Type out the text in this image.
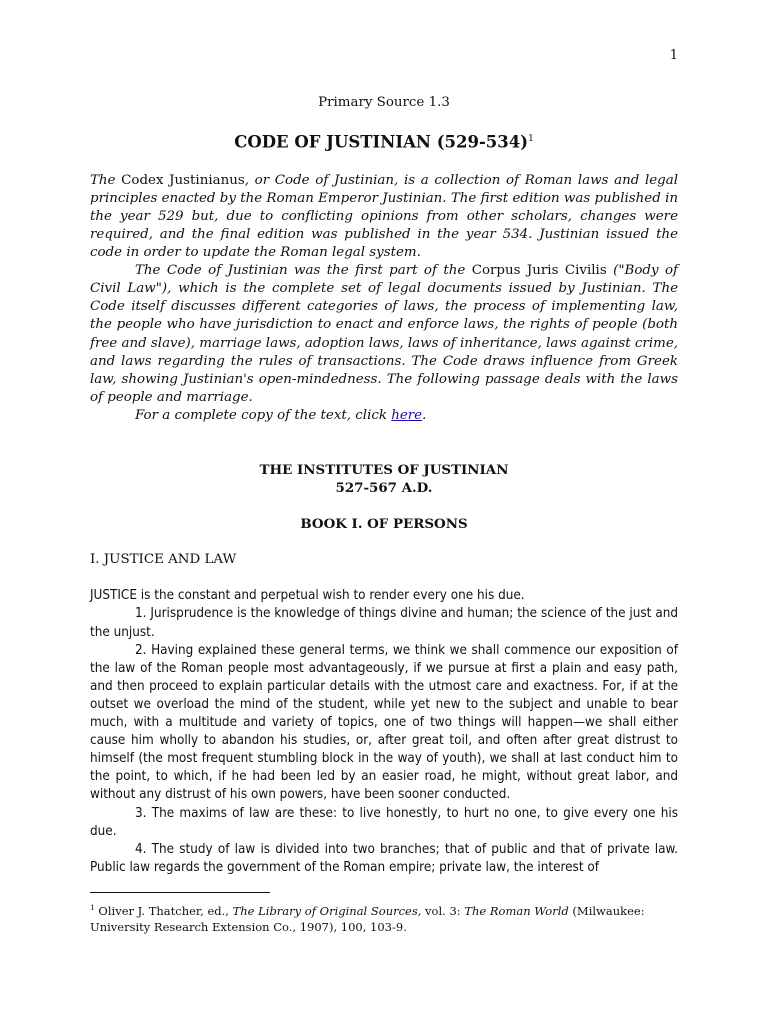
1

Primary Source 1.3

CODE OF JUSTINIAN $(529-534)^1$

The Codex Justinianus, or Code of Justinian, is a collection of Roman laws and legal principles enacted by the Roman Emperor Justinian. The first edition was published in the year 529 but, due to conflicting opinions from other scholars, changes were required, and the final edition was published in the year 534. Justinian issued the code in order to update the Roman legal system.

The Code of Justinian was the first part of the Corpus Juris Civilis ("Body of Civil Law"), which is the complete set of legal documents issued by Justinian. The Code itself discusses different categories of laws, the process of implementing law, the people who have jurisdiction to enact and enforce laws, the rights of people (both free and slave), marriage laws, adoption laws, laws of inheritance, laws against crime, and laws regarding the rules of transactions. The Code draws influence from Greek law, showing Justinian's open-mindedness. The following passage deals with the laws of people and marriage.

For a complete copy of the text, click here.

THE INSTITUTES OF JUSTINIAN

527-567 A.D.

BOOK I. OF PERSONS

I. JUSTICE AND LAW

JUSTICE is the constant and perpetual wish to render every one his due.

1. Jurisprudence is the knowledge of things divine and human; the science of the just and the unjust.

2. Having explained these general terms, we think we shall commence our exposition of the law of the Roman people most advantageously, if we pursue at first a plain and easy path, and then proceed to explain particular details with the utmost care and exactness. For, if at the outset we overload the mind of the student, while yet new to the subject and unable to bear much, with a multitude and variety of topics, one of two things will happen—we shall either cause him wholly to abandon his studies, or, after great toil, and often after great distrust to himself (the most frequent stumbling block in the way of youth), we shall at last conduct him to the point, to which, if he had been led by an easier road, he might, without great labor, and without any distrust of his own powers, have been sooner conducted.

3. The maxims of law are these: to live honestly, to hurt no one, to give every one his due.

4. The study of law is divided into two branches; that of public and that of private law. Public law regards the government of the Roman empire; private law, the interest of

$^1$ Oliver J. Thatcher, ed., The Library of Original Sources, vol. 3: The Roman World (Milwaukee: University Research Extension Co., 1907), 100, 103-9.
